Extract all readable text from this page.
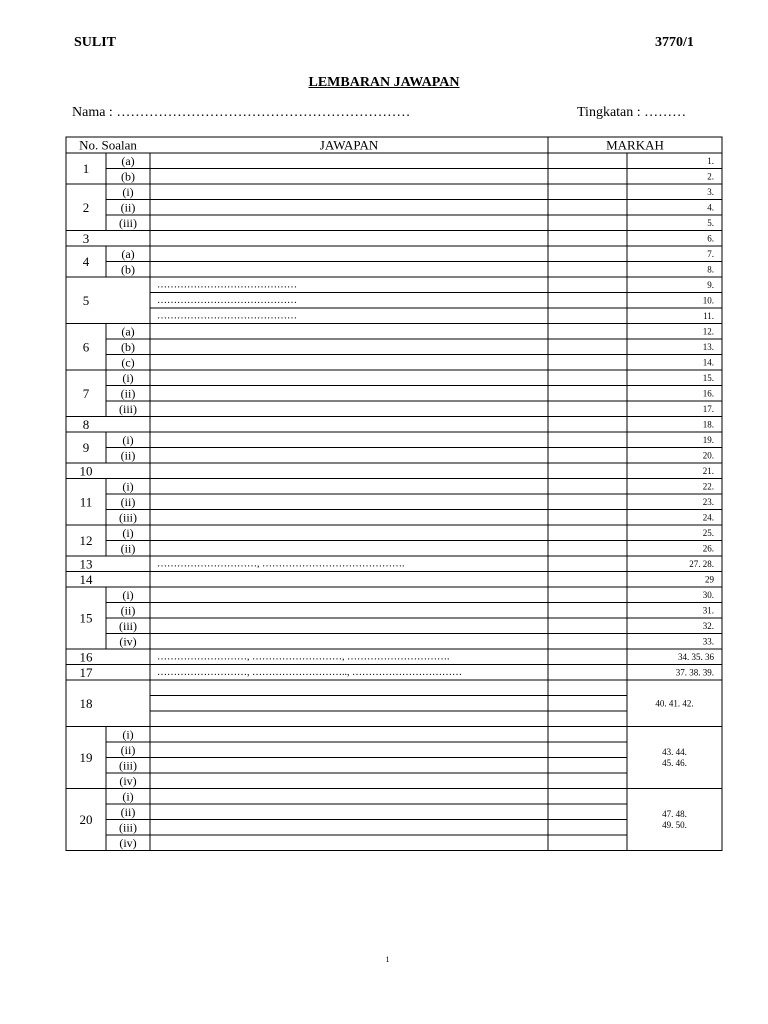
SULIT	3770/1
LEMBARAN JAWAPAN
Nama : ………………………………………………………	Tingkatan : ………
No. Soalan	JAWAPAN	MARKAH
1
(a)	1.
(b)	2.
2
(i)	3.
(ii)	4.
(iii)	5.
3	6.
4
(a)	7.
(b)	8.
5
……………………………………	9.
……………………………………	10.
……………………………………	11.
6
(a)	12.
(b)	13.
(c)	14.
7
(i)	15.
(ii)	16.
(iii)	17.
8	18.
9
(i)	19.
(ii)	20.
10	21.
11
(i)	22.
(ii)	23.
(iii)	24.
12
(i)	25.
(ii)	26.
13	…………………………, …………………………………….	27. 28.
14	29
15
(i)	30.
(ii)	31.
(iii)	32.
(iv)	33.
16	………………………, ………………………, ………………………….	34. 35. 36
17	………………………, ……………………….., ……………………………	37. 38. 39.
18	40. 41. 42.
19
(i)
(ii)
(iii)
(iv)
43. 44.
45. 46.
20
(i)
(ii)
(iii)
(iv)
47. 48.
49. 50.
1
